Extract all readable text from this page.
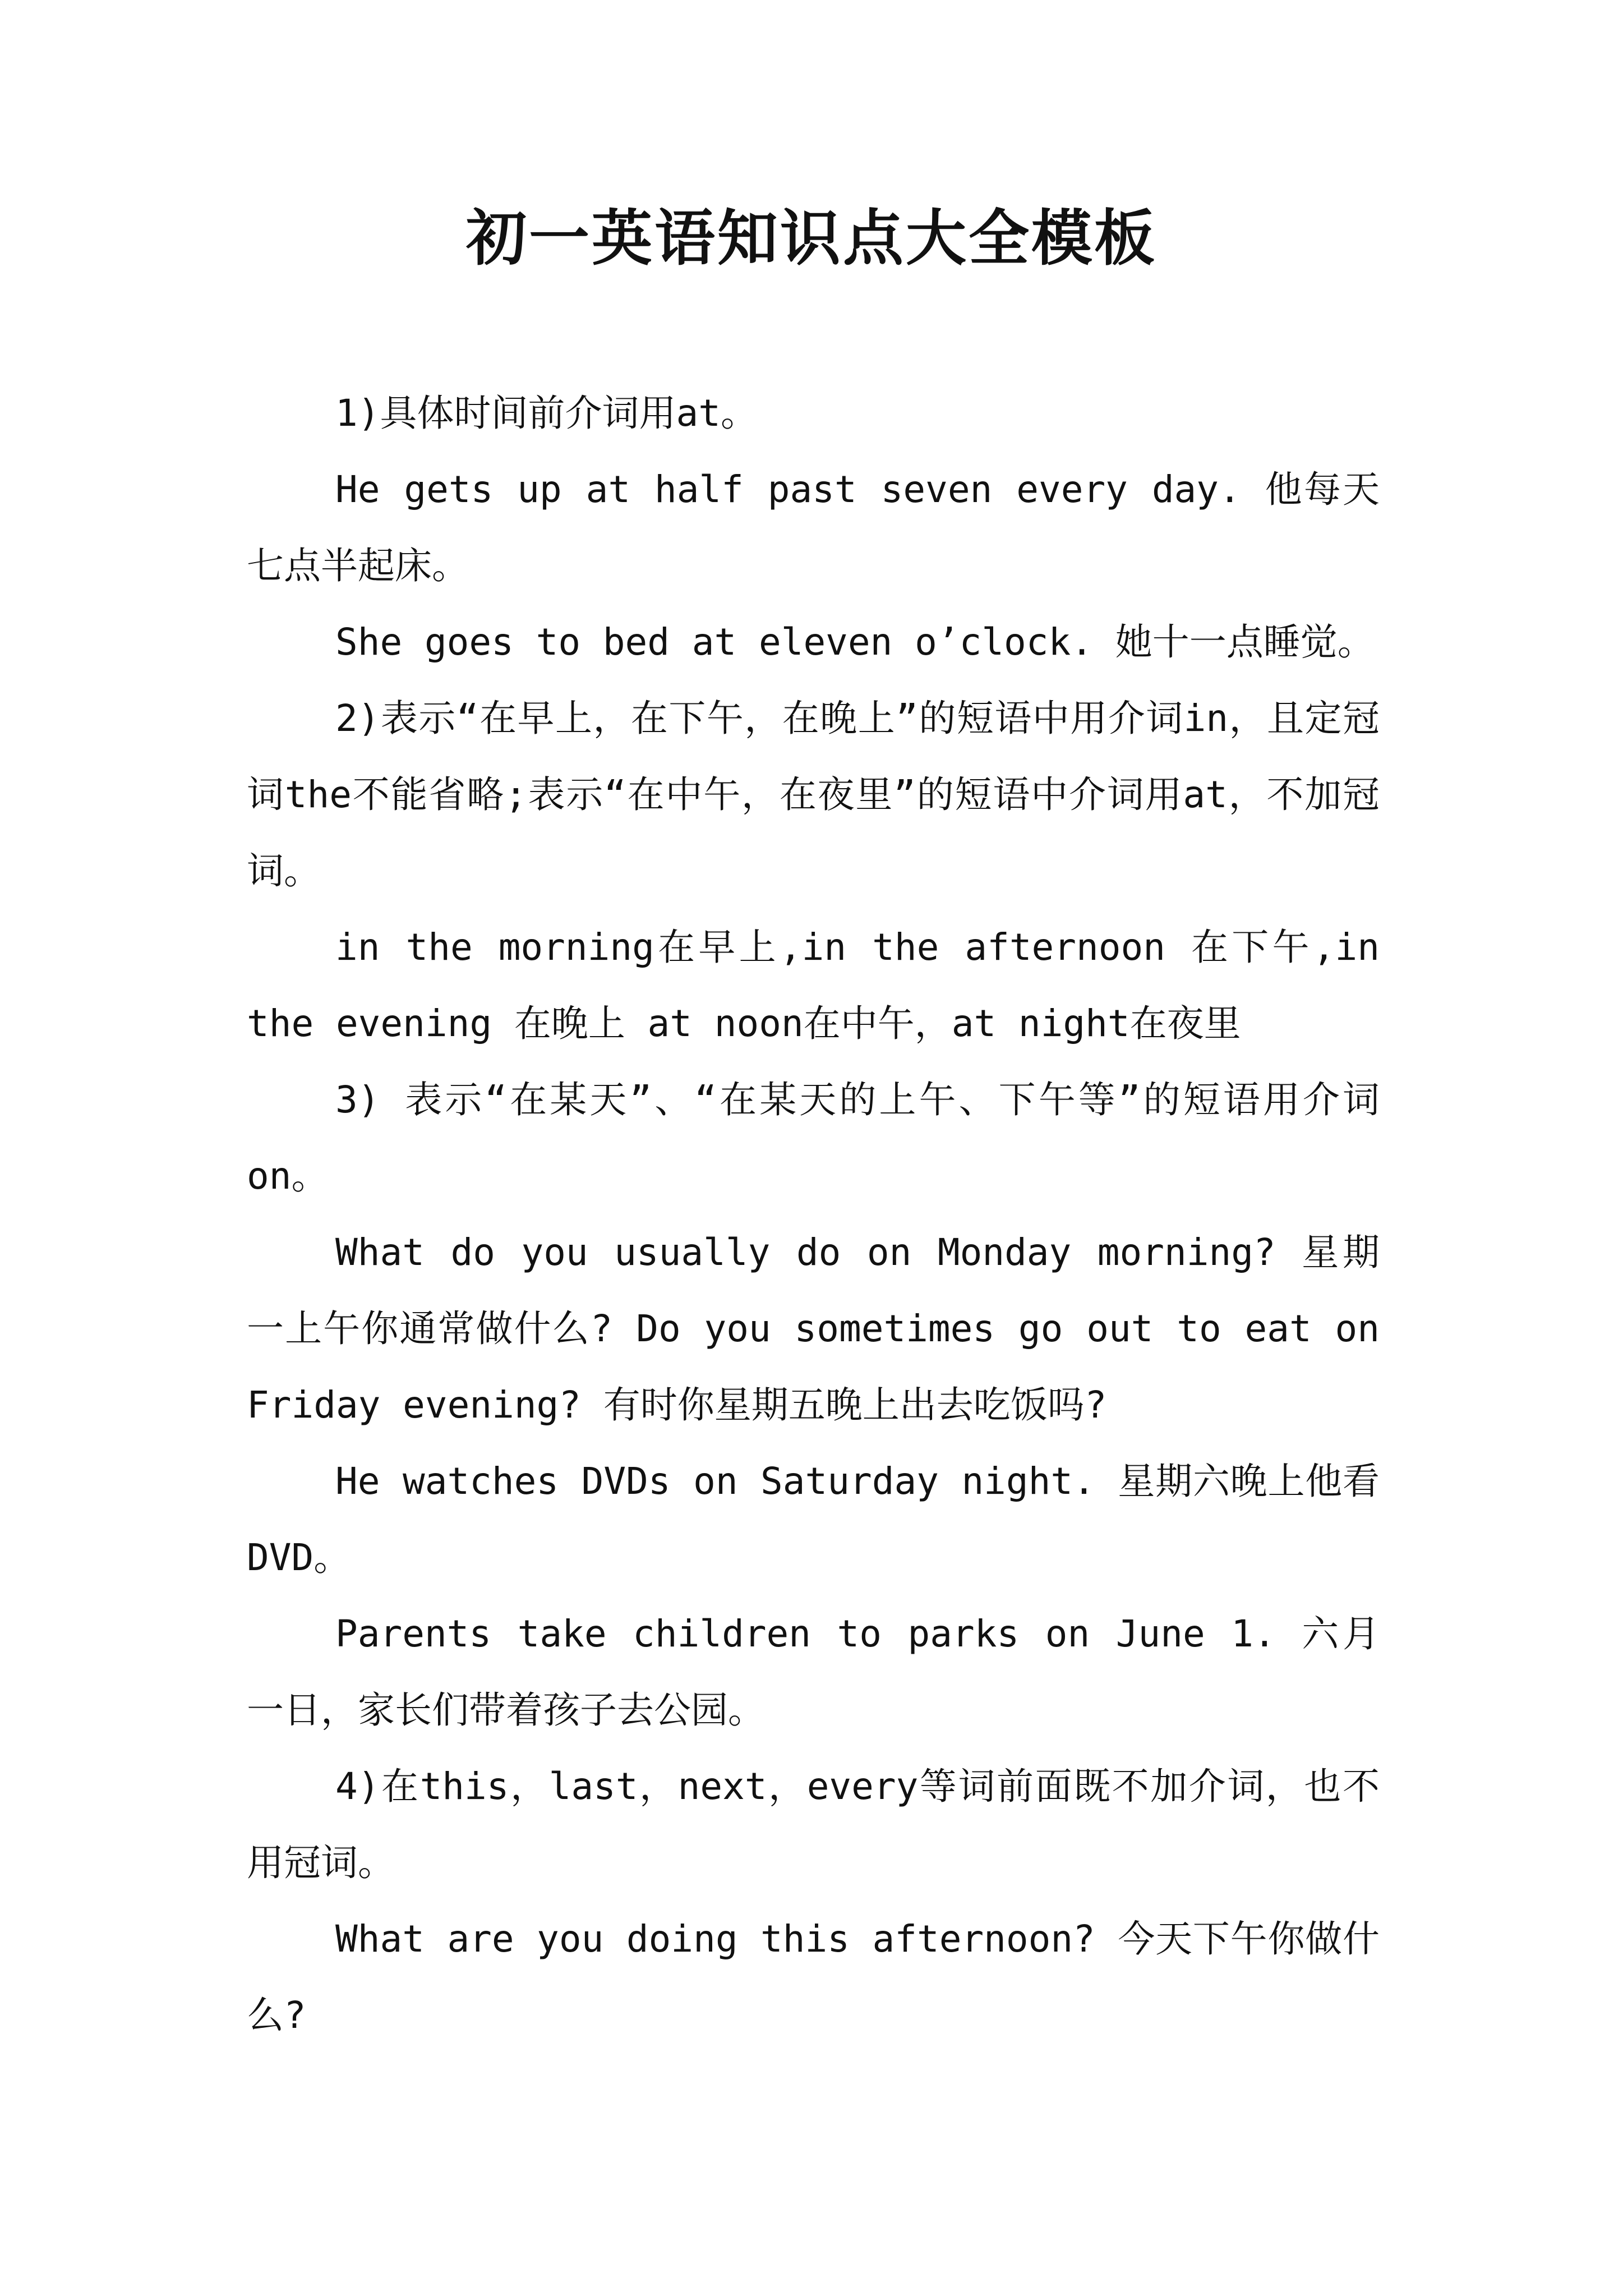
初一英语知识点大全模板

1)具体时间前介词用at。

He gets up at half past seven every day. 他每天七点半起床。

She goes to bed at eleven o’clock. 她十一点睡觉。

2)表示“在早上，在下午，在晚上”的短语中用介词in，且定冠词the不能省略;表示“在中午，在夜里”的短语中介词用at，不加冠词。

in the morning在早上,in the afternoon 在下午,in the evening 在晚上 at noon在中午，at night在夜里

3) 表示“在某天”、“在某天的上午、下午等”的短语用介词on。

What do you usually do on Monday morning? 星期一上午你通常做什么? Do you sometimes go out to eat on Friday evening? 有时你星期五晚上出去吃饭吗?

He watches DVDs on Saturday night. 星期六晚上他看DVD。

Parents take children to parks on June 1. 六月一日，家长们带着孩子去公园。

4)在this，last，next，every等词前面既不加介词，也不用冠词。

What are you doing this afternoon? 今天下午你做什么?
